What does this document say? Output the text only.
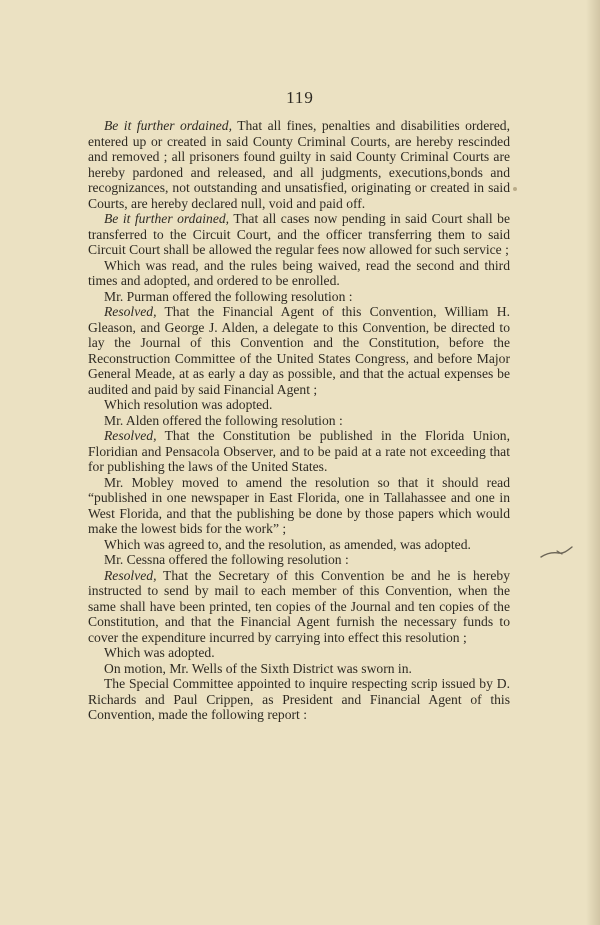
119

Be it further ordained, That all fines, penalties and disabilities ordered, entered up or created in said County Criminal Courts, are hereby rescinded and removed ; all prisoners found guilty in said County Criminal Courts are hereby pardoned and released, and all judgments, executions,bonds and recognizances, not outstanding and unsatisfied, originating or created in said Courts, are hereby declared null, void and paid off.

Be it further ordained, That all cases now pending in said Court shall be transferred to the Circuit Court, and the officer transferring them to said Circuit Court shall be allowed the regular fees now allowed for such service ;

Which was read, and the rules being waived, read the second and third times and adopted, and ordered to be enrolled.

Mr. Purman offered the following resolution :

Resolved, That the Financial Agent of this Convention, William H. Gleason, and George J. Alden, a delegate to this Convention, be directed to lay the Journal of this Convention and the Constitution, before the Reconstruction Committee of the United States Congress, and before Major General Meade, at as early a day as possible, and that the actual expenses be audited and paid by said Financial Agent ;

Which resolution was adopted.

Mr. Alden offered the following resolution :

Resolved, That the Constitution be published in the Florida Union, Floridian and Pensacola Observer, and to be paid at a rate not exceeding that for publishing the laws of the United States.

Mr. Mobley moved to amend the resolution so that it should read “published in one newspaper in East Florida, one in Tallahassee and one in West Florida, and that the publishing be done by those papers which would make the lowest bids for the work” ;

Which was agreed to, and the resolution, as amended, was adopted.

Mr. Cessna offered the following resolution :

Resolved, That the Secretary of this Convention be and he is hereby instructed to send by mail to each member of this Convention, when the same shall have been printed, ten copies of the Journal and ten copies of the Constitution, and that the Financial Agent furnish the necessary funds to cover the expenditure incurred by carrying into effect this resolution ;

Which was adopted.

On motion, Mr. Wells of the Sixth District was sworn in.

The Special Committee appointed to inquire respecting scrip issued by D. Richards and Paul Crippen, as President and Financial Agent of this Convention, made the following report :
